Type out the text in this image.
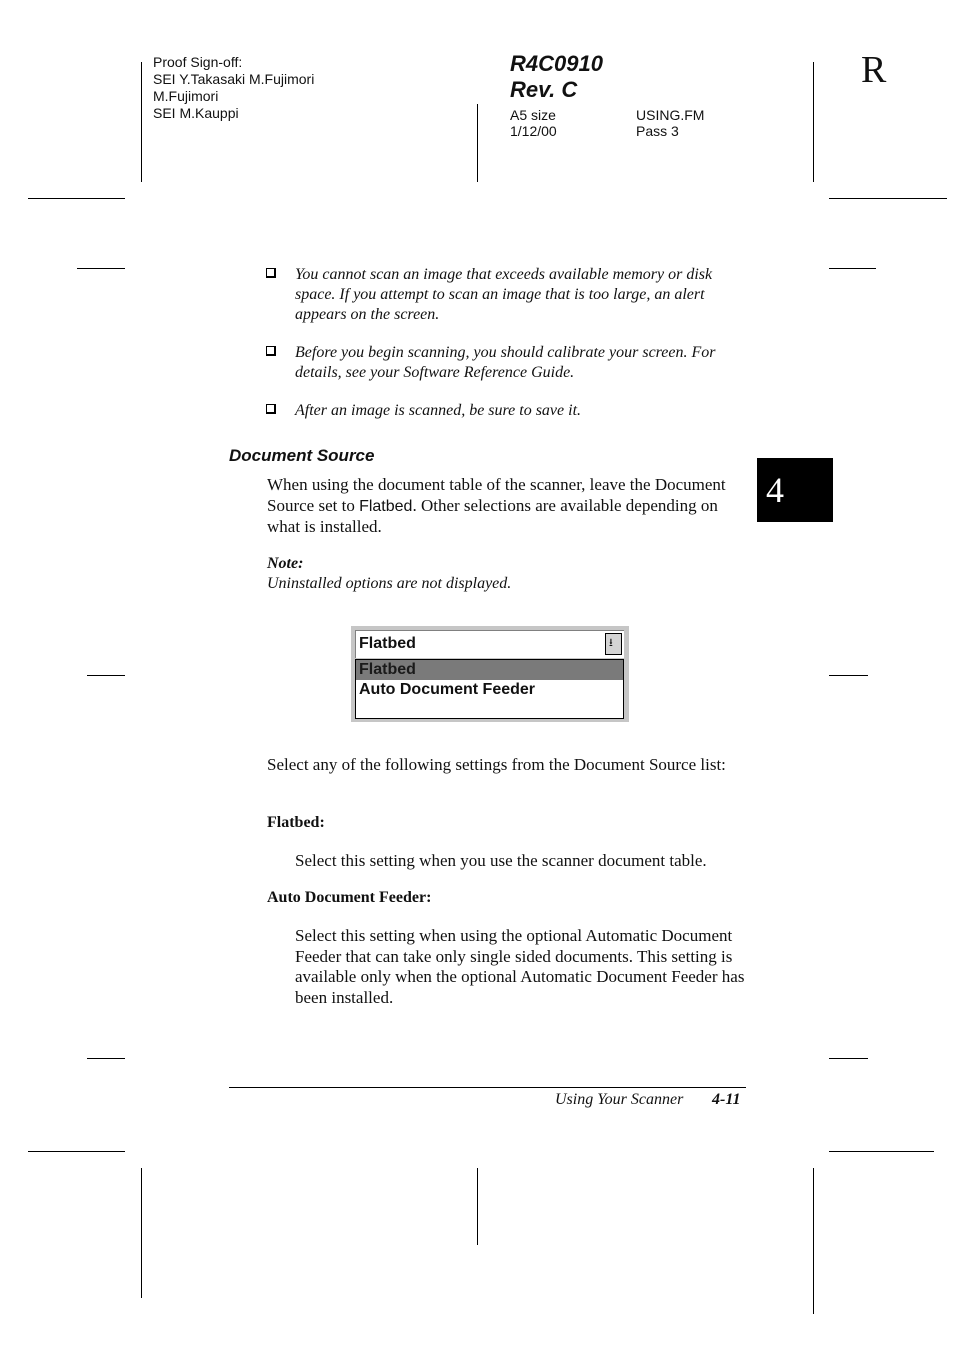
Proof Sign-off:
SEI Y.Takasaki M.Fujimori
M.Fujimori
SEI M.Kauppi
R4C0910
Rev. C
A5 size
1/12/00
USING.FM
Pass 3
R
You cannot scan an image that exceeds available memory or disk space. If you attempt to scan an image that is too large, an alert appears on the screen.
Before you begin scanning, you should calibrate your screen. For details, see your Software Reference Guide.
After an image is scanned, be sure to save it.
Document Source
When using the document table of the scanner, leave the Document Source set to Flatbed. Other selections are available depending on what is installed.
Note:
Uninstalled options are not displayed.
Flatbed	⭳
Flatbed
Auto Document Feeder
Select any of the following settings from the Document Source list:
Flatbed:
Select this setting when you use the scanner document table.
Auto Document Feeder:
Select this setting when using the optional Automatic Document Feeder that can take only single sided documents. This setting is available only when the optional Automatic Document Feeder has been installed.
4
Using Your Scanner 4-11
